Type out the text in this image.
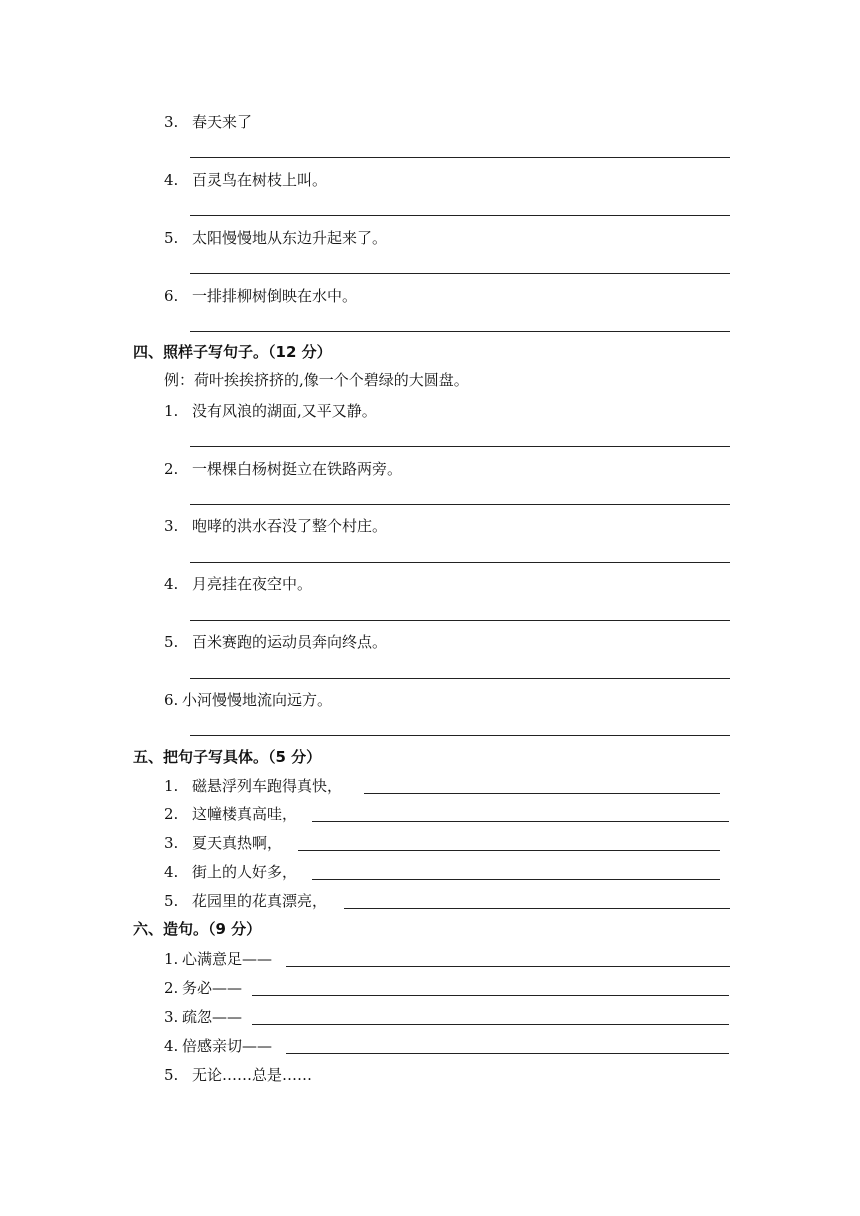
3. 春天来了
4. 百灵鸟在树枝上叫。
5. 太阳慢慢地从东边升起来了。
6. 一排排柳树倒映在水中。
四、照样子写句子。（12 分）
例：荷叶挨挨挤挤的,像一个个碧绿的大圆盘。
1. 没有风浪的湖面,又平又静。
2. 一棵棵白杨树挺立在铁路两旁。
3. 咆哮的洪水吞没了整个村庄。
4. 月亮挂在夜空中。
5. 百米赛跑的运动员奔向终点。
6. 小河慢慢地流向远方。
五、把句子写具体。（5 分）
1. 磁悬浮列车跑得真快，
2. 这幢楼真高哇，
3. 夏天真热啊，
4. 街上的人好多，
5. 花园里的花真漂亮，
六、造句。（9 分）
1. 心满意足——
2. 务必——
3. 疏忽——
4. 倍感亲切——
5. 无论……总是……
